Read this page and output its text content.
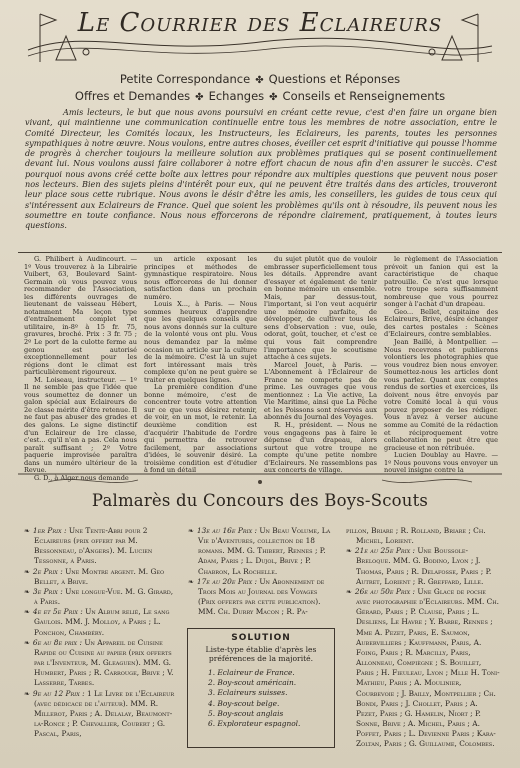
Le Courrier des Eclaireurs
Petite Correspondance ✤ Questions et Réponses
Offres et Demandes ✤ Echanges ✤ Conseils et Renseignements
Amis lecteurs, le but que nous avons poursuivi en créant cette revue, c'est d'en faire un organe bien vivant, qui maintienne une communication continuelle entre tous les membres de notre association, entre le Comité Directeur, les Comités locaux, les Instructeurs, les Eclaireurs, les parents, toutes les personnes sympathiques à notre œuvre. Nous voulons, entre autres choses, éveiller cet esprit d'initiative qui pousse l'homme de progrès à chercher toujours la meilleure solution aux problèmes pratiques qui se posent continuellement devant lui. Nous voulons aussi faire collaborer à notre effort chacun de nous afin d'en assurer le succès. C'est pourquoi nous avons créé cette boîte aux lettres pour répondre aux multiples questions que peuvent nous poser nos lecteurs. Bien des sujets pleins d'intérêt pour eux, qui ne peuvent être traités dans des articles, trouveront leur place sous cette rubrique. Nous avons le désir d'être les amis, les conseillers, les guides de tous ceux qui s'intéressent aux Eclaireurs de France. Quel que soient les problèmes qu'ils ont à résoudre, ils peuvent nous les soumettre en toute confiance. Nous nous efforcerons de répondre clairement, pratiquement, à toutes leurs questions.

G. Philibert à Audincourt. — 1º Vous trouverez à la Librairie Vuibert, 63, Boulevard Saint-Germain où vous pouvez vous recommander de l'Association, les différents ouvrages de lieutenant de vaisseau Hébert, notamment Ma leçon type d'entraînement complet et utilitaire, in-8º à 15 fr. 75, gravures, broché. Prix : 3 fr. 75 ; 2º Le port de la culotte ferme au genou est autorisé exceptionnellement pour les régions dont le climat est particulièrement rigoureux.

M. Loiseau, instructeur. — 1º Il ne semble pas que l'idée que vous soumettez de donner un galon spécial aux Eclaireurs de 2e classe mérite d'être retenue. Il ne faut pas abuser des grades et des galons. Le signe distinctif d'un Eclaireur de 1re classe, c'est... qu'il n'en a pas. Cela nous paraît suffisant ; 2º Votre paquerie improvisée paraîtra dans un numéro ultérieur de la Revue.

G. D., à Alger nous demande

un article exposant les principes et méthodes de gymnastique respiratoire. Nous nous efforcerons de lui donner satisfaction dans un prochain numéro.

Louis X..., à Paris. — Nous sommes heureux d'apprendre que les quelques conseils que nous avons donnés sur la culture de la volonté vous ont plu. Vous nous demandez par la même occasion un article sur la culture de la mémoire. C'est là un sujet fort intéressant mais très complexe qu'on ne peut guère se traiter en quelques lignes.

La première condition d'une bonne mémoire, c'est de concentrer toute votre attention sur ce que vous désirez retenir, de voir, en un mot, le retenir. La deuxième condition est d'acquérir l'habitude de l'ordre qui permettra de retrouver facilement, par associations d'idées, le souvenir désiré. La troisième condition est d'étudier à fond un détail

du sujet plutôt que de vouloir embrasser superficiellement tous les détails. Apprendre avant d'essayer et également de tenir en bonne mémoire un ensemble. Mais, par dessus-tout, l'important, si l'on veut acquérir une mémoire parfaite, de développer, de cultiver tous les sens d'observation : vue, ouïe, odorat, goût, toucher, et c'est ce qui vous fait comprendre l'importance que le scoutisme attache à ces sujets.

Marcel Jouet, à Paris. — L'Abonnement à l'Éclaireur de France ne comporte pas de prime. Les ouvrages que vous mentionnez : La Vie active, La Vie Maritime, ainsi que La Pêche et les Poissons sont réservés aux abonnés du Journal des Voyages.

R. H., président. — Nous ne vous engageons pas à faire le dépense d'un drapeau, alors surtout que votre troupe ne compte qu'une petite nombre d'Eclaireurs. Ne rassemblons pas aux concerts de village.

le règlement de l'Association prévoit un fanion qui est la caractéristique de chaque patrouille. Ce n'est que lorsque votre troupe sera suffisamment nombreuse que vous pourrez songer à l'achat d'un drapeau.

Geo... Bellet, capitaine des Eclaireurs, Brive, désire échanger des cartes postales : Scènes d'Eclaireurs, contre semblables.

Jean Baillé, à Montpellier. — Nous recevrons et publierons volontiers les photographies que vous voudrez bien nous envoyer. Soumettez-nous les articles dont vous parlez. Quant aux comptes rendus de sorties et exercices, ils doivent nous être envoyés par votre Comité local à qui vous pouvez proposer de les rédiger. Vous n'avez à verser aucune somme au Comité de la rédaction et réciproquement votre collaboration ne peut être que gracieuse et non rétribuée.

Lucien Doublay au Havre. — 1º Nous pouvons vous envoyer un nouvel insigne contre la

Palmarès du Concours des Boys-Scouts

❧ 1er Prix : Une Tente-Abri pour 2 Eclaireurs (prix offert par M. Bessonneau, d'Angers). M. Lucien Tessonne, à Paris.

❧ 2e Prix : Une Montre argent. M. Geo Bellet, à Brive.

❧ 3e Prix : Une longue-Vue. M. G. Girard, à Paris.

❧ 4e et 5e Prix : Un Album relié, Le sang Gaulois. MM. J. Molloy, à Paris ; L. Ponchon, Chambéry.

❧ 6e au 8e prix : Un Appareil de Cuisine Rapide ou Cuisine au papier (prix offerts par l'Inventeur, M. Gleaguen). MM. G. Humbert, Paris ; R. Carrouge, Brive ; V. Lasserre, Tarbes.

❧ 9e au 12 Prix : 1 Le Livre de l'Eclaireur (avec dédicace de l'auteur). MM. R. Millerot, Paris ; A. Delalay, Beaumont-la-Ronce ; P. Chevallier, Coubert ; G. Pascal, Paris,

❧ 13e au 16e Prix : Un Beau Volume, La Vie d'Aventures, collection de 18 romans. MM. G. Thibert, Rennes ; P. Adam, Paris ; L. Dujol, Brive ; P. Chabron, La Rochelle.

❧ 17e au 20e Prix : Un Abonnement de Trois Mois au Journal des Voyages (Prix offerts par cette publication). MM. Ch. Durry Macon ; R. Pa-

SOLUTION
Liste-type établie d'après les préférences de la majorité.
1. Eclaireur de France.
2. Boy-scout américain.
3. Eclaireurs suisses.
4. Boy-scout belge.
5. Boy-scout anglais
6. Explorateur espagnol.

pillon, Briare ; R. Rolland, Briare ; Ch. Michel, Lorient.

❧ 21e au 25e Prix : Une Boussole-Breloque. MM. G. Bodino, Lyon ; J. Thomas, Paris ; R. Delafosse, Paris ; P. Autret, Lorient ; R. Greffard, Lille.

❧ 26e au 50e Prix : Une Glace de poche avec photographie d'Eclaireurs. MM. Ch. Gérard, Paris ; P. Clause, Paris ; L. Desliens, Le Havre ; Y. Barbe, Rennes ; Mme A. Pezet, Paris, E. Saumon, Aubervilliers ; Kauffmann, Paris, A. Foing, Paris ; R. Marcilly, Paris, Allonneau, Compiègne ; S. Bouillet, Paris ; H. Fieuleau, Lyon ; Mlle H. Toni-Mathieu, Paris ; A. Moulinier, Courbevoie ; J. Bailly, Montpellier ; Ch. Bondi, Paris ; J. Chollet, Paris ; A. Pezet, Paris ; G. Hamelin, Niort ; P. Sonne, Brive ; A. Michel, Paris ; A. Poffet, Paris ; L. Devienne Paris ; Kara-Zoltan, Paris ; G. Guillaume, Colombes.
